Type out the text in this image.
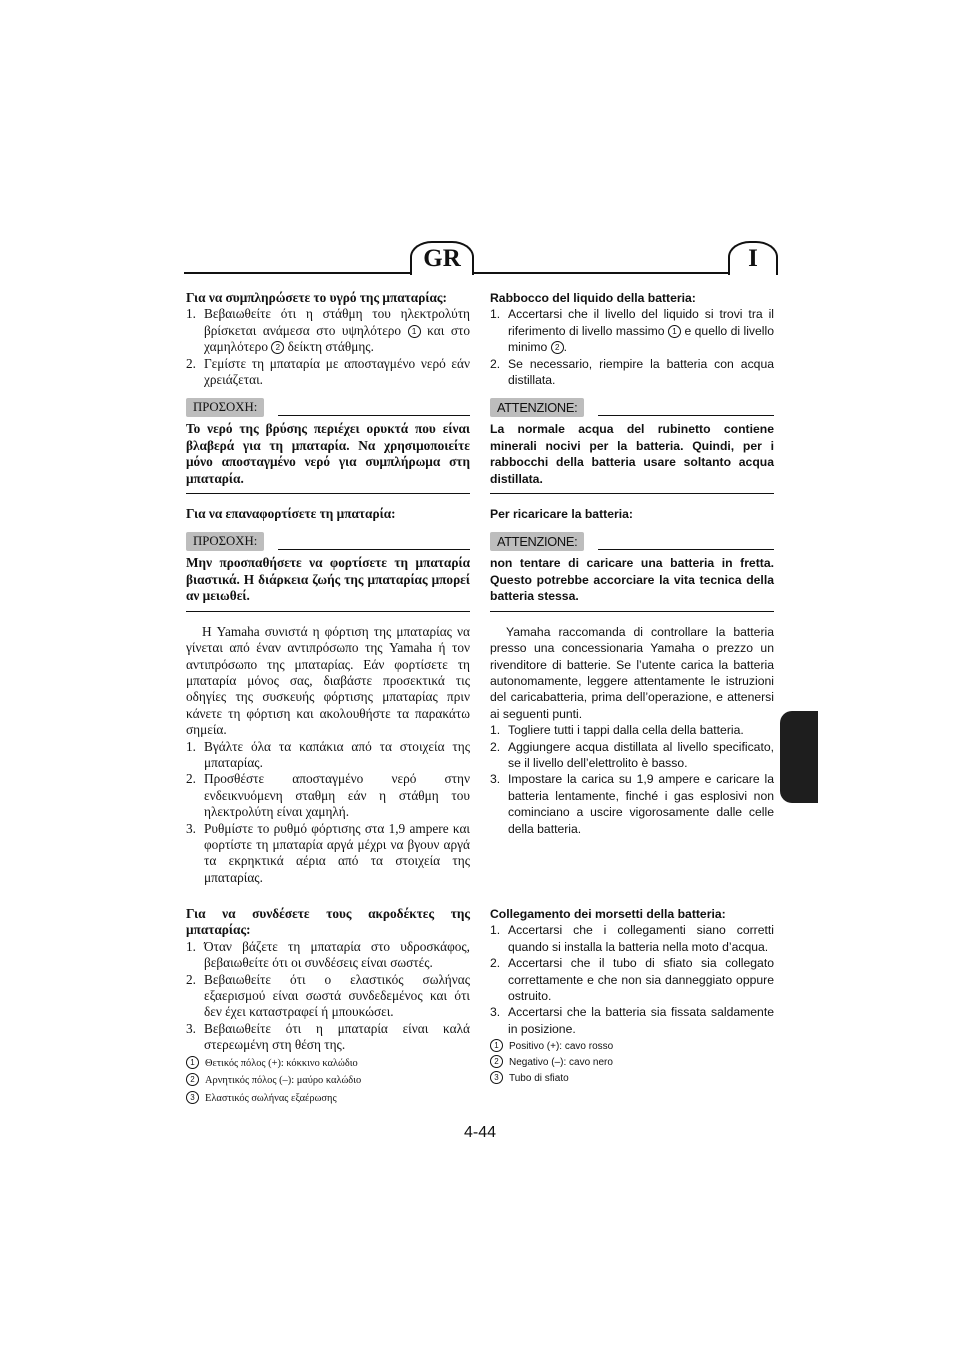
GR	I

Για να συμπληρώσετε το υγρό της μπαταρίας:

1. Βεβαιωθείτε ότι η στάθμη του ηλεκτρολύτη βρίσκεται ανάμεσα στο υψηλότερο 1 και στο χαμηλότερο 2 δείκτη στάθμης.
2. Γεμίστε τη μπαταρία με αποσταγμένο νερό εάν χρειάζεται.
ΠΡΟΣΟΧΗ:

Το νερό της βρύσης περιέχει ορυκτά που είναι βλαβερά για τη μπαταρία. Να χρησιμοποιείτε μόνο αποσταγμένο νερό για συμπλήρωμα στη μπαταρία.

Για να επαναφορτίσετε τη μπαταρία:

ΠΡΟΣΟΧΗ:

Μην προσπαθήσετε να φορτίσετε τη μπαταρία βιαστικά. Η διάρκεια ζωής της μπαταρίας μπορεί αν μειωθεί.

Η Yamaha συνιστά η φόρτιση της μπαταρίας να γίνεται από έναν αντιπρόσωπο της Yamaha ή τον αντιπρόσωπο της μπαταρίας. Εάν φορτίσετε τη μπαταρία μόνος σας, διαβάστε προσεκτικά τις οδηγίες της συσκευής φόρτισης μπαταρίας πριν κάνετε τη φόρτιση και ακολουθήστε τα παρακάτω σημεία.

1. Βγάλτε όλα τα καπάκια από τα στοιχεία της μπαταρίας.
2. Προσθέστε αποσταγμένο νερό στην ενδεικνυόμενη σταθμη εάν η στάθμη του ηλεκτρολύτη είναι χαμηλή.
3. Ρυθμίστε το ρυθμό φόρτισης στα 1,9 ampere και φορτίστε τη μπαταρία αργά μέχρι να βγουν αργά τα εκρηκτικά αέρια από τα στοιχεία της μπαταρίας.

Rabbocco del liquido della batteria:

1. Accertarsi che il livello del liquido si trovi tra il riferimento di livello massimo 1 e quello di livello minimo 2 .
2. Se necessario, riempire la batteria con acqua distillata.
ATTENZIONE:

La normale acqua del rubinetto contiene minerali nocivi per la batteria. Quindi, per i rabbocchi della batteria usare soltanto acqua distillata.

Per ricaricare la batteria:

ATTENZIONE:

non tentare di caricare una batteria in fretta. Questo potrebbe accorciare la vita tecnica della batteria stessa.

Yamaha raccomanda di controllare la batteria presso una concessionaria Yamaha o prezzo un rivenditore di batterie. Se l’utente carica la batteria autonomamente, leggere attentamente le istruzioni del caricabatteria, prima dell’operazione, e attenersi ai seguenti punti.

1. Togliere tutti i tappi dalla cella della batteria.
2. Aggiungere acqua distillata al livello specificato, se il livello dell’elettrolito è basso.
3. Impostare la carica su 1,9 ampere e caricare la batteria lentamente, finché i gas esplosivi non cominciano a uscire vigorosamente dalle celle della batteria.

Για να συνδέσετε τους ακροδέκτες της μπαταρίας:

1. Όταν βάζετε τη μπαταρία στο υδροσκάφος, βεβαιωθείτε ότι οι συνδέσεις είναι σωστές.
2. Βεβαιωθείτε ότι ο ελαστικός σωλήνας εξαερισμού είναι σωστά συνδεδεμένος και ότι δεν έχει καταστραφεί ή μπουκώσει.
3. Βεβαιωθείτε ότι η μπαταρία είναι καλά στερεωμένη στη θέση της.

1 Θετικός πόλος (+): κόκκινο καλώδιο

2 Αρνητικός πόλος (–): μαύρο καλώδιο

3 Ελαστικός σωλήνας εξαέρωσης

Collegamento dei morsetti della batteria:

1. Accertarsi che i collegamenti siano corretti quando si installa la batteria nella moto d’acqua.
2. Accertarsi che il tubo di sfiato sia collegato correttamente e che non sia danneggiato oppure ostruito.
3. Accertarsi che la batteria sia fissata saldamente in posizione.

1 Positivo (+): cavo rosso

2 Negativo (–): cavo nero

3 Tubo di sfiato

4-44
